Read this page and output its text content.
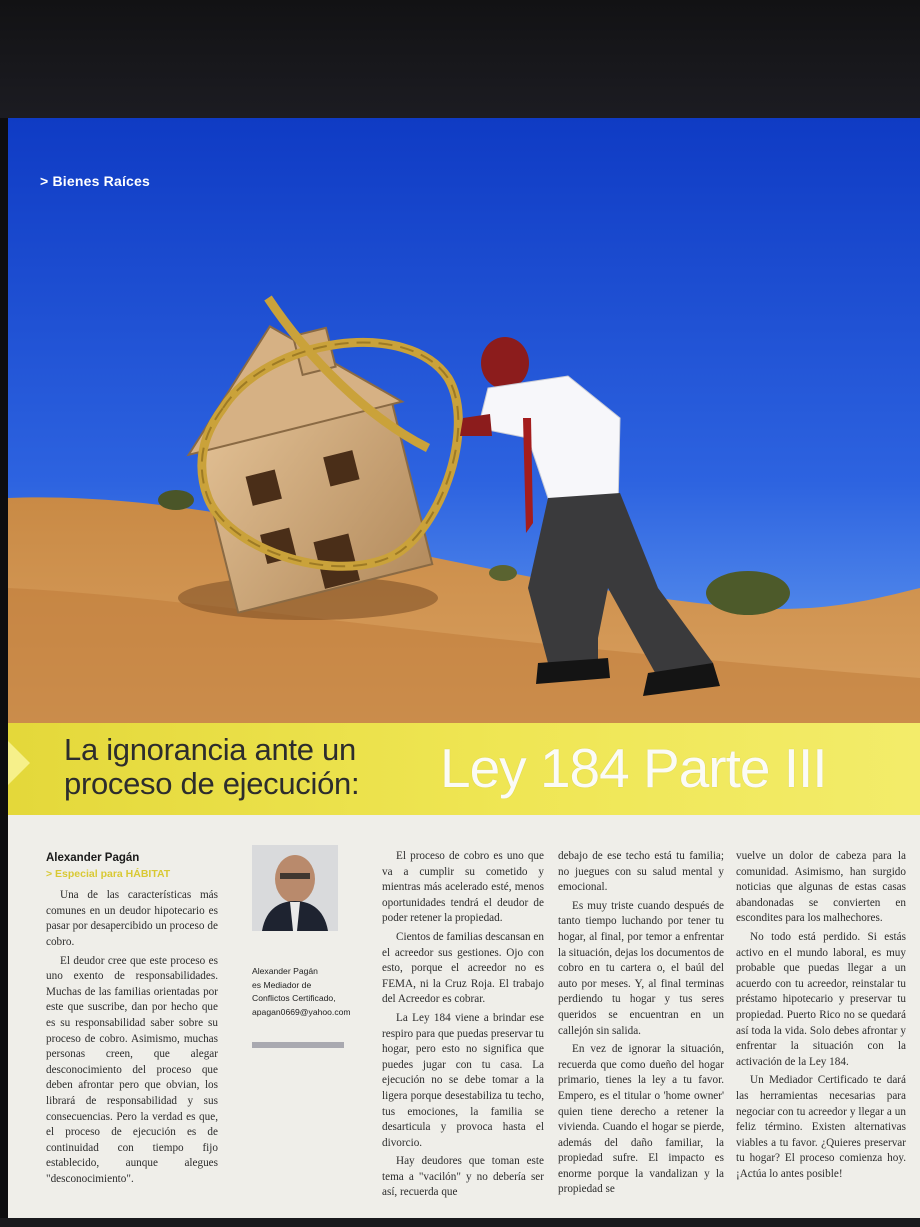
> Bienes Raíces
La ignorancia ante un
proceso de ejecución: Ley 184 Parte III
Alexander Pagán
> Especial para HÁBITAT

Una de las características más comunes en un deudor hipotecario es pasar por desapercibido un proceso de cobro.

El deudor cree que este proceso es uno exento de responsabilidades. Muchas de las familias orientadas por este que suscribe, dan por hecho que es su responsabilidad saber sobre su proceso de cobro. Asimismo, muchas personas creen, que alegar desconocimiento del proceso que deben afrontar pero que obvian, los librará de responsabilidad y sus consecuencias. Pero la verdad es que, el proceso de ejecución es de continuidad con tiempo fijo establecido, aunque alegues "desconocimiento".

Alexander Pagán
es Mediador de
Conflictos Certificado,
apagan0669@yahoo.com

El proceso de cobro es uno que va a cumplir su cometido y mientras más acelerado esté, menos oportunidades tendrá el deudor de poder retener la propiedad.

Cientos de familias descansan en el acreedor sus gestiones. Ojo con esto, porque el acreedor no es FEMA, ni la Cruz Roja. El trabajo del Acreedor es cobrar.

La Ley 184 viene a brindar ese respiro para que puedas preservar tu hogar, pero esto no significa que puedes jugar con tu casa. La ejecución no se debe tomar a la ligera porque desestabiliza tu techo, tus emociones, la familia se desarticula y provoca hasta el divorcio.

Hay deudores que toman este tema a "vacilón" y no debería ser así, recuerda que

debajo de ese techo está tu familia; no juegues con su salud mental y emocional.

Es muy triste cuando después de tanto tiempo luchando por tener tu hogar, al final, por temor a enfrentar la situación, dejas los documentos de cobro en tu cartera o, el baúl del auto por meses. Y, al final terminas perdiendo tu hogar y tus seres queridos se encuentran en un callejón sin salida.

En vez de ignorar la situación, recuerda que como dueño del hogar primario, tienes la ley a tu favor. Empero, es el titular o 'home owner' quien tiene derecho a retener la vivienda. Cuando el hogar se pierde, además del daño familiar, la propiedad sufre. El impacto es enorme porque la vandalizan y la propiedad se

vuelve un dolor de cabeza para la comunidad. Asimismo, han surgido noticias que algunas de estas casas abandonadas se convierten en escondites para los malhechores.

No todo está perdido. Si estás activo en el mundo laboral, es muy probable que puedas llegar a un acuerdo con tu acreedor, reinstalar tu préstamo hipotecario y preservar tu propiedad. Puerto Rico no se quedará así toda la vida. Solo debes afrontar y enfrentar la situación con la activación de la Ley 184.

Un Mediador Certificado te dará las herramientas necesarias para negociar con tu acreedor y llegar a un feliz término. Existen alternativas viables a tu favor. ¿Quieres preservar tu hogar? El proceso comienza hoy. ¡Actúa lo antes posible!
